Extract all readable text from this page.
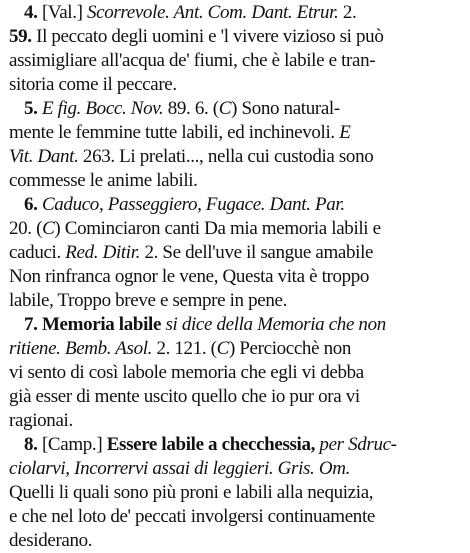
4. [Val.] Scorrevole. Ant. Com. Dant. Etrur. 2.
59. Il peccato degli uomini e 'l vivere vizioso si può
assimigliare all'acqua de' fiumi, che è labile e tran-
sitoria come il peccare.
5. E fig. Bocc. Nov. 89. 6. (C) Sono natural-
mente le femmine tutte labili, ed inchinevoli. E
Vit. Dant. 263. Li prelati..., nella cui custodia sono
commesse le anime labili.
6. Caduco, Passeggiero, Fugace. Dant. Par.
20. (C) Cominciaron canti Da mia memoria labili e
caduci. Red. Ditir. 2. Se dell'uve il sangue amabile
Non rinfranca ognor le vene, Questa vita è troppo
labile, Troppo breve e sempre in pene.
7. Memoria labile si dice della Memoria che non
ritiene. Bemb. Asol. 2. 121. (C) Perciocchè non
vi sento di così labole memoria che egli vi debba
già esser di mente uscito quello che io pur ora vi
ragionai.
8. [Camp.] Essere labile a checchessia, per Sdruc-
ciolarvi, Incorrervi assai di leggieri. Gris. Om.
Quelli li quali sono più proni e labili alla nequizia,
e che nel loto de' peccati involgersi continuamente
desiderano.
